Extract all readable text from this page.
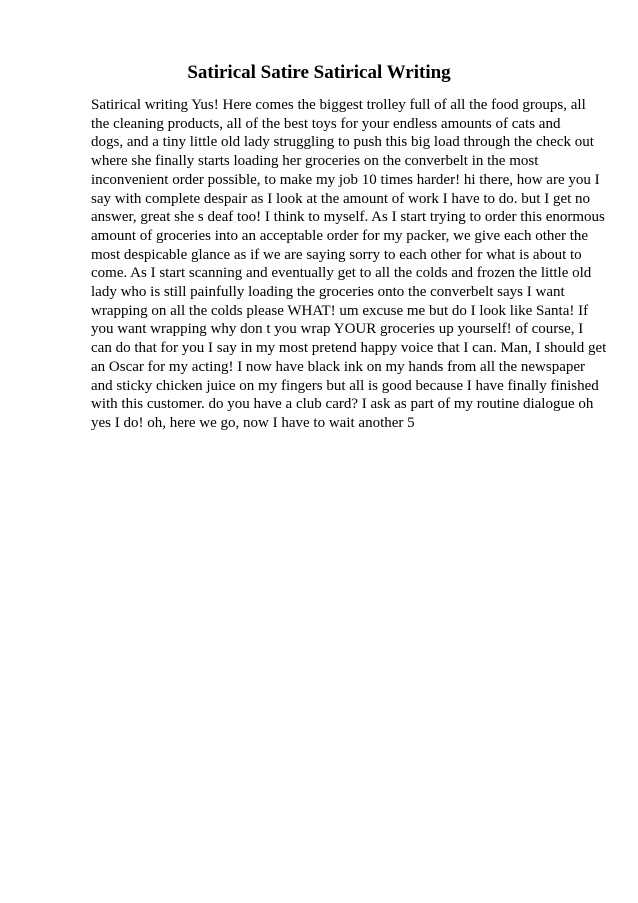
Satirical Satire Satirical Writing
Satirical writing Yus! Here comes the biggest trolley full of all the food groups, all
the cleaning products, all of the best toys for your endless amounts of cats and
dogs, and a tiny little old lady struggling to push this big load through the check out
where she finally starts loading her groceries on the converbelt in the most
inconvenient order possible, to make my job 10 times harder! hi there, how are you I
say with complete despair as I look at the amount of work I have to do. but I get no
answer, great she s deaf too! I think to myself. As I start trying to order this enormous
amount of groceries into an acceptable order for my packer, we give each other the
most despicable glance as if we are saying sorry to each other for what is about to
come. As I start scanning and eventually get to all the colds and frozen the little old
lady who is still painfully loading the groceries onto the converbelt says I want
wrapping on all the colds please WHAT! um excuse me but do I look like Santa! If
you want wrapping why don t you wrap YOUR groceries up yourself! of course, I
can do that for you I say in my most pretend happy voice that I can. Man, I should get
an Oscar for my acting! I now have black ink on my hands from all the newspaper
and sticky chicken juice on my fingers but all is good because I have finally finished
with this customer. do you have a club card? I ask as part of my routine dialogue oh
yes I do! oh, here we go, now I have to wait another 5
